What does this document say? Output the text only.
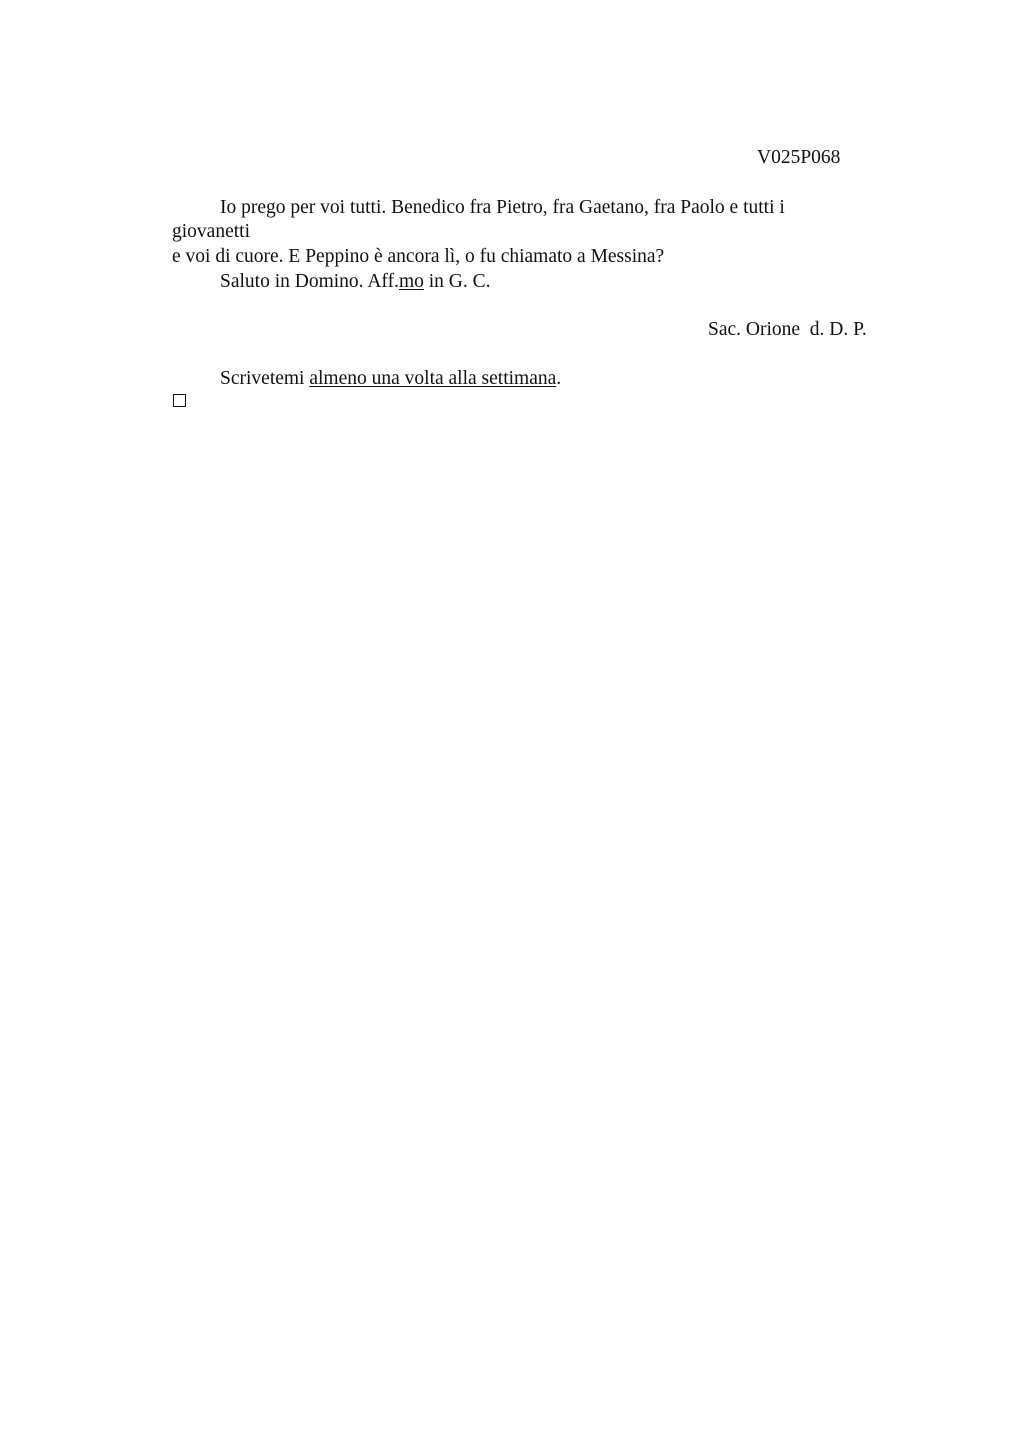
V025P068
Io prego per voi tutti. Benedico fra Pietro, fra Gaetano, fra Paolo e tutti i
giovanetti
e voi di cuore. E Peppino è ancora lì, o fu chiamato a Messina?
Saluto in Domino. Aff.mo in G. C.
Sac. Orione  d. D. P.
Scrivetemi almeno una volta alla settimana.
